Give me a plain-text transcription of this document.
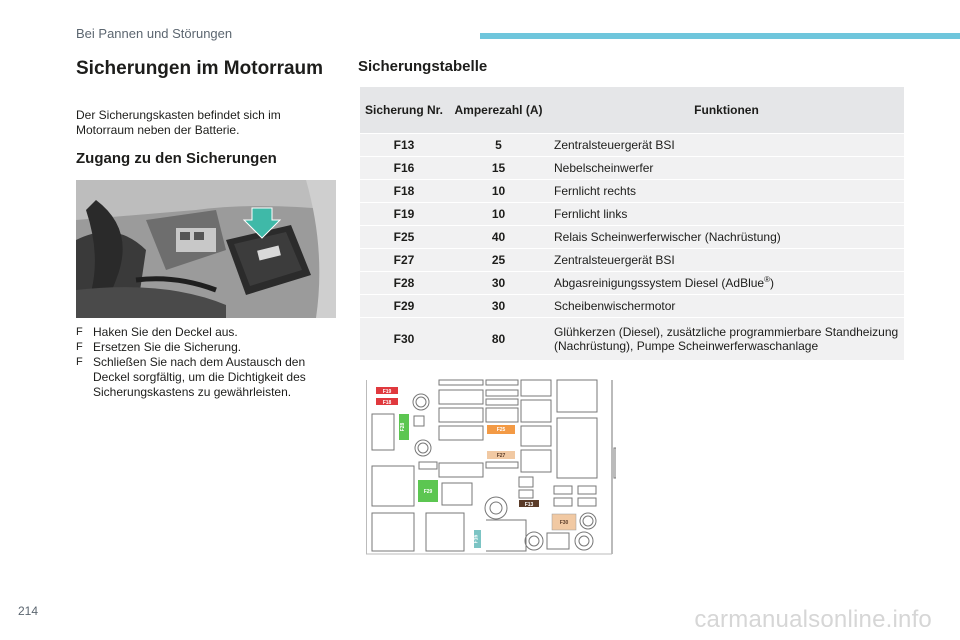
Bei Pannen und Störungen
Sicherungen im Motorraum

Der Sicherungskasten befindet sich im Motorraum neben der Batterie.

Zugang zu den Sicherungen
F Haken Sie den Deckel aus.
F Ersetzen Sie die Sicherung.
F Schließen Sie nach dem Austausch den Deckel sorgfältig, um die Dichtigkeit des Sicherungskastens zu gewährleisten.
Sicherungstabelle
Sicherung Nr.	Amperezahl (A)	Funktionen
F13	5	Zentralsteuergerät BSI
F16	15	Nebelscheinwerfer
F18	10	Fernlicht rechts
F19	10	Fernlicht links
F25	40	Relais Scheinwerferwischer (Nachrüstung)
F27	25	Zentralsteuergerät BSI
F28	30	Abgasreinigungssystem Diesel (AdBlue®)
F29	30	Scheibenwischermotor
F30	80	Glühkerzen (Diesel), zusätzliche programmierbare Standheizung (Nachrüstung), Pumpe Scheinwerferwaschanlage
F19
F18
F28	F25
F27
F29
F13
F30
F16
214	carmanualsonline.info
